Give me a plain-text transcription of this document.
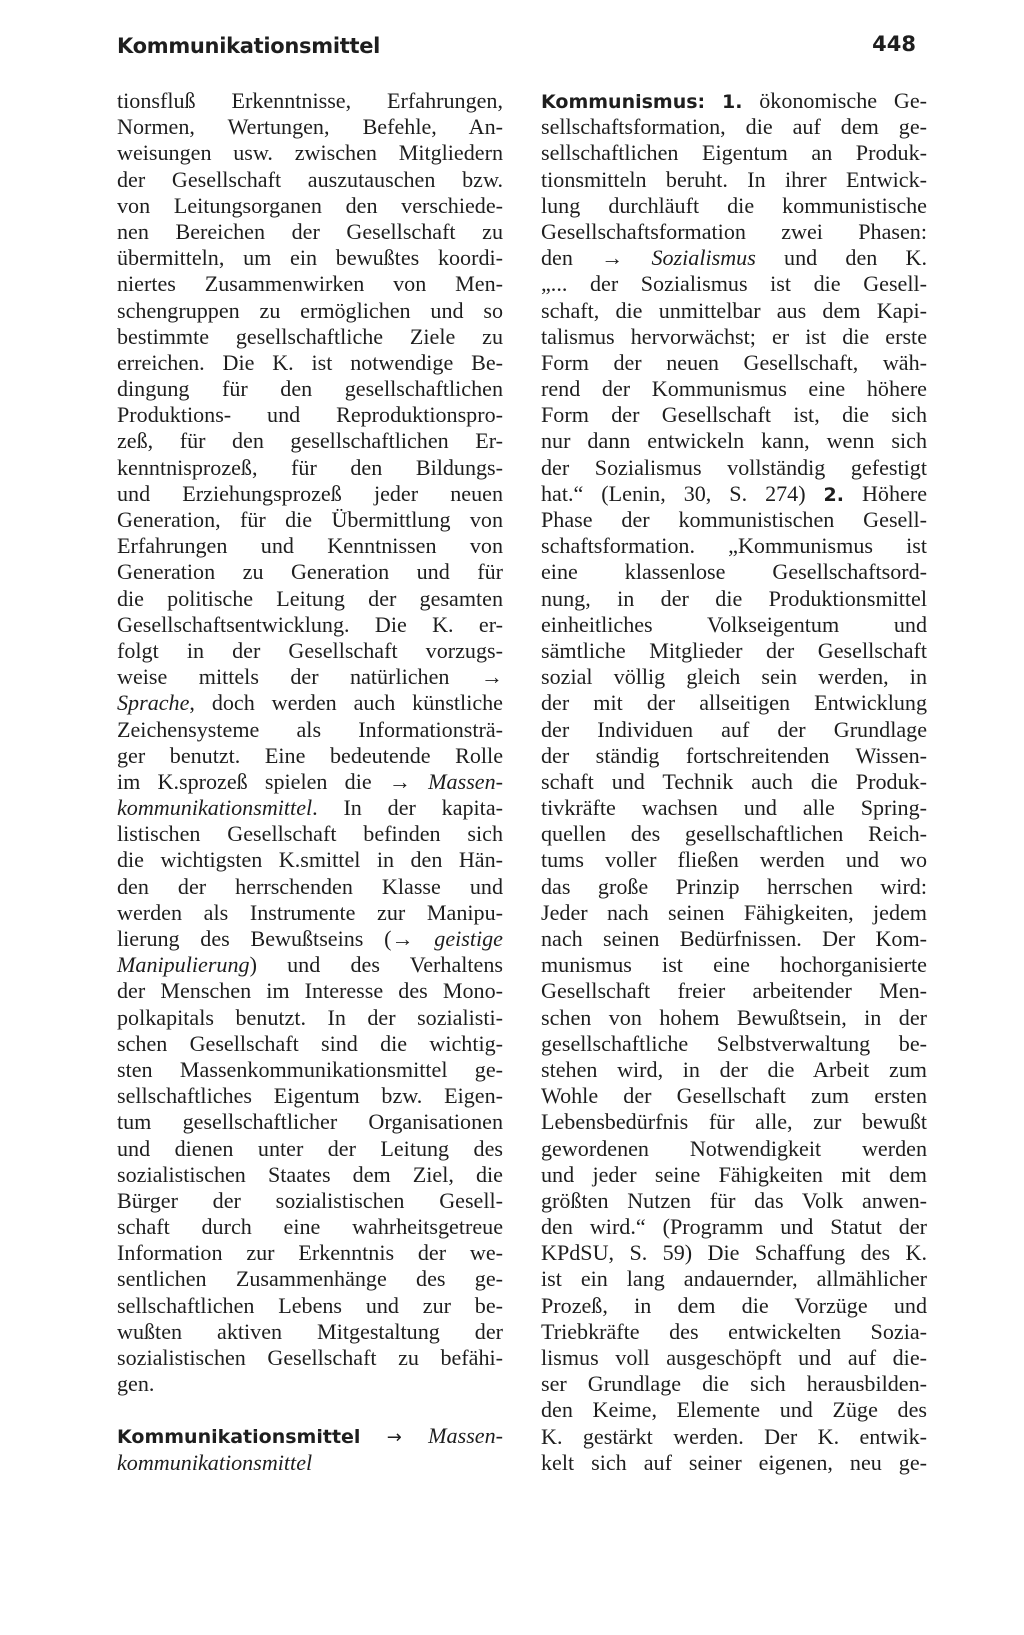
Kommunikationsmittel	448
tionsfluß Erkenntnisse, Erfahrungen,
Normen, Wertungen, Befehle, An-
weisungen usw. zwischen Mitgliedern
der Gesellschaft auszutauschen bzw.
von Leitungsorganen den verschiede-
nen Bereichen der Gesellschaft zu
übermitteln, um ein bewußtes koordi-
niertes Zusammenwirken von Men-
schengruppen zu ermöglichen und so
bestimmte gesellschaftliche Ziele zu
erreichen. Die K. ist notwendige Be-
dingung für den gesellschaftlichen
Produktions- und Reproduktionspro-
zeß, für den gesellschaftlichen Er-
kenntnisprozeß, für den Bildungs-
und Erziehungsprozeß jeder neuen
Generation, für die Übermittlung von
Erfahrungen und Kenntnissen von
Generation zu Generation und für
die politische Leitung der gesamten
Gesellschaftsentwicklung. Die K. er-
folgt in der Gesellschaft vorzugs-
weise mittels der natürlichen →
Sprache, doch werden auch künstliche
Zeichensysteme als Informationsträ-
ger benutzt. Eine bedeutende Rolle
im K.sprozeß spielen die → Massen-
kommunikationsmittel. In der kapita-
listischen Gesellschaft befinden sich
die wichtigsten K.smittel in den Hän-
den der herrschenden Klasse und
werden als Instrumente zur Manipu-
lierung des Bewußtseins (→ geistige
Manipulierung) und des Verhaltens
der Menschen im Interesse des Mono-
polkapitals benutzt. In der sozialisti-
schen Gesellschaft sind die wichtig-
sten Massenkommunikationsmittel ge-
sellschaftliches Eigentum bzw. Eigen-
tum gesellschaftlicher Organisationen
und dienen unter der Leitung des
sozialistischen Staates dem Ziel, die
Bürger der sozialistischen Gesell-
schaft durch eine wahrheitsgetreue
Information zur Erkenntnis der we-
sentlichen Zusammenhänge des ge-
sellschaftlichen Lebens und zur be-
wußten aktiven Mitgestaltung der
sozialistischen Gesellschaft zu befähi-
gen.
Kommunikationsmittel → Massen-
kommunikationsmittel
Kommunismus: 1. ökonomische Ge-
sellschaftsformation, die auf dem ge-
sellschaftlichen Eigentum an Produk-
tionsmitteln beruht. In ihrer Entwick-
lung durchläuft die kommunistische
Gesellschaftsformation zwei Phasen:
den → Sozialismus und den K.
„... der Sozialismus ist die Gesell-
schaft, die unmittelbar aus dem Kapi-
talismus hervorwächst; er ist die erste
Form der neuen Gesellschaft, wäh-
rend der Kommunismus eine höhere
Form der Gesellschaft ist, die sich
nur dann entwickeln kann, wenn sich
der Sozialismus vollständig gefestigt
hat.“ (Lenin, 30, S. 274) 2. Höhere
Phase der kommunistischen Gesell-
schaftsformation. „Kommunismus ist
eine klassenlose Gesellschaftsord-
nung, in der die Produktionsmittel
einheitliches Volkseigentum und
sämtliche Mitglieder der Gesellschaft
sozial völlig gleich sein werden, in
der mit der allseitigen Entwicklung
der Individuen auf der Grundlage
der ständig fortschreitenden Wissen-
schaft und Technik auch die Produk-
tivkräfte wachsen und alle Spring-
quellen des gesellschaftlichen Reich-
tums voller fließen werden und wo
das große Prinzip herrschen wird:
Jeder nach seinen Fähigkeiten, jedem
nach seinen Bedürfnissen. Der Kom-
munismus ist eine hochorganisierte
Gesellschaft freier arbeitender Men-
schen von hohem Bewußtsein, in der
gesellschaftliche Selbstverwaltung be-
stehen wird, in der die Arbeit zum
Wohle der Gesellschaft zum ersten
Lebensbedürfnis für alle, zur bewußt
gewordenen Notwendigkeit werden
und jeder seine Fähigkeiten mit dem
größten Nutzen für das Volk anwen-
den wird.“ (Programm und Statut der
KPdSU, S. 59) Die Schaffung des K.
ist ein lang andauernder, allmählicher
Prozeß, in dem die Vorzüge und
Triebkräfte des entwickelten Sozia-
lismus voll ausgeschöpft und auf die-
ser Grundlage die sich herausbilden-
den Keime, Elemente und Züge des
K. gestärkt werden. Der K. entwik-
kelt sich auf seiner eigenen, neu ge-
